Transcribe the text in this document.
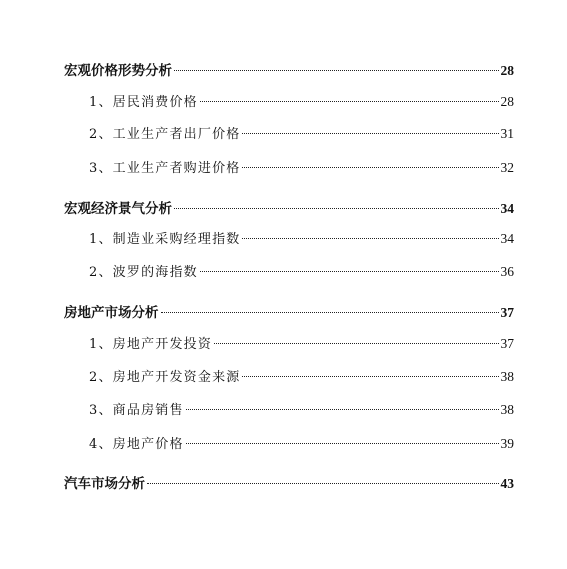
宏观价格形势分析	28
1、居民消费价格	28
2、工业生产者出厂价格	31
3、工业生产者购进价格	32
宏观经济景气分析	34
1、制造业采购经理指数	34
2、波罗的海指数	36
房地产市场分析	37
1、房地产开发投资	37
2、房地产开发资金来源	38
3、商品房销售	38
4、房地产价格	39
汽车市场分析	43
